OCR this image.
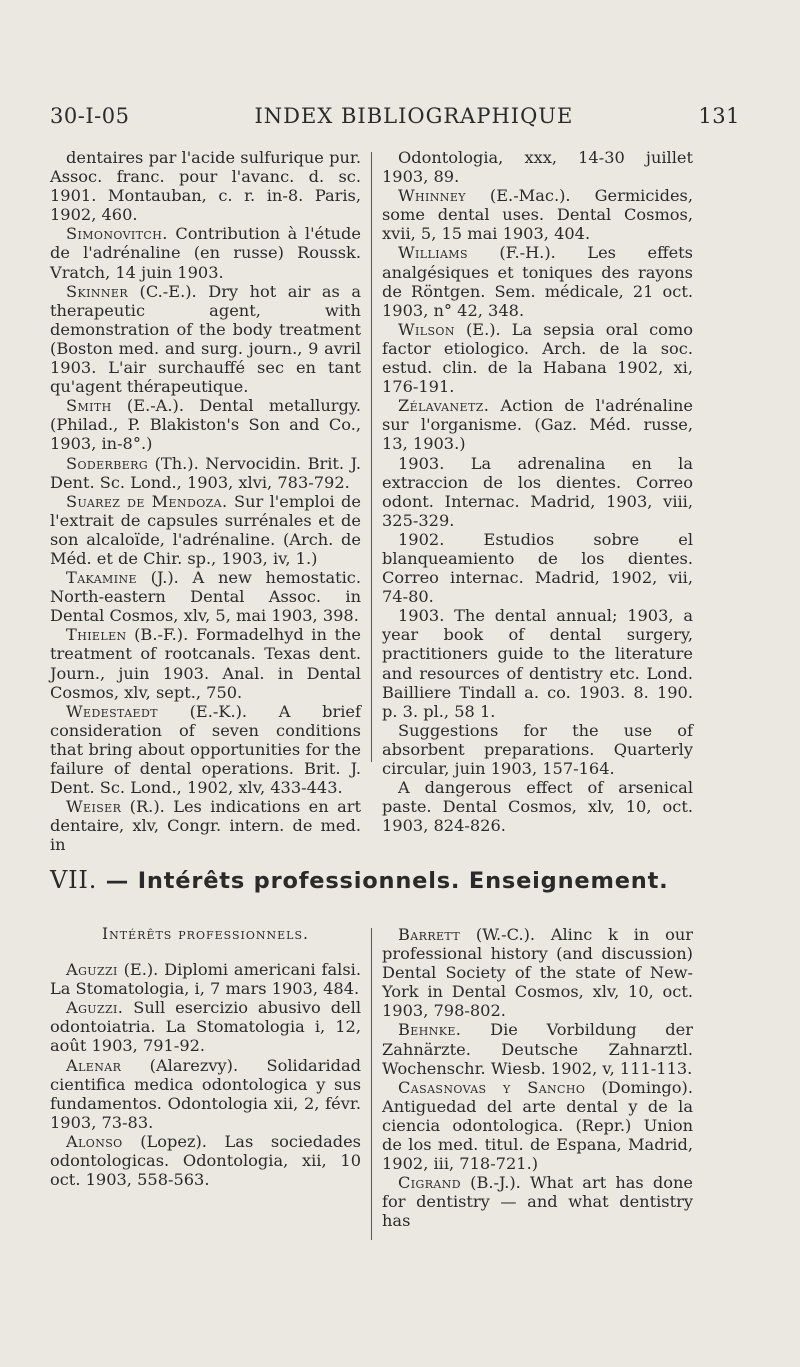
30-I-05	INDEX BIBLIOGRAPHIQUE	131

dentaires par l'acide sulfurique pur. Assoc. franc. pour l'avanc. d. sc. 1901. Montauban, c. r. in-8. Paris, 1902, 460.

Simonovitch. Contribution à l'étude de l'adrénaline (en russe) Roussk. Vratch, 14 juin 1903.

Skinner (C.-E.). Dry hot air as a therapeutic agent, with demonstration of the body treatment (Boston med. and surg. journ., 9 avril 1903. L'air surchauffé sec en tant qu'agent thérapeutique.

Smith (E.-A.). Dental metallurgy. (Philad., P. Blakiston's Son and Co., 1903, in-8°.)

Soderberg (Th.). Nervocidin. Brit. J. Dent. Sc. Lond., 1903, xlvi, 783-792.

Suarez de Mendoza. Sur l'emploi de l'extrait de capsules surrénales et de son alcaloïde, l'adrénaline. (Arch. de Méd. et de Chir. sp., 1903, iv, 1.)

Takamine (J.). A new hemostatic. North-eastern Dental Assoc. in Dental Cosmos, xlv, 5, mai 1903, 398.

Thielen (B.-F.). Formadelhyd in the treatment of rootcanals. Texas dent. Journ., juin 1903. Anal. in Dental Cosmos, xlv, sept., 750.

Wedestaedt (E.-K.). A brief consideration of seven conditions that bring about opportunities for the failure of dental operations. Brit. J. Dent. Sc. Lond., 1902, xlv, 433-443.

Weiser (R.). Les indications en art dentaire, xlv, Congr. intern. de med. in

Odontologia, xxx, 14-30 juillet 1903, 89.

Whinney (E.-Mac.). Germicides, some dental uses. Dental Cosmos, xvii, 5, 15 mai 1903, 404.

Williams (F.-H.). Les effets analgésiques et toniques des rayons de Röntgen. Sem. médicale, 21 oct. 1903, n° 42, 348.

Wilson (E.). La sepsia oral como factor etiologico. Arch. de la soc. estud. clin. de la Habana 1902, xi, 176-191.

Zélavanetz. Action de l'adrénaline sur l'organisme. (Gaz. Méd. russe, 13, 1903.)

1903. La adrenalina en la extraccion de los dientes. Correo odont. Internac. Madrid, 1903, viii, 325-329.

1902. Estudios sobre el blanqueamiento de los dientes. Correo internac. Madrid, 1902, vii, 74-80.

1903. The dental annual; 1903, a year book of dental surgery, practitioners guide to the literature and resources of dentistry etc. Lond. Bailliere Tindall a. co. 1903. 8. 190. p. 3. pl., 58 1.

Suggestions for the use of absorbent preparations. Quarterly circular, juin 1903, 157-164.

A dangerous effect of arsenical paste. Dental Cosmos, xlv, 10, oct. 1903, 824-826.

VII. — Intérêts professionnels. Enseignement.

Intérêts professionnels.

Aguzzi (E.). Diplomi americani falsi. La Stomatologia, i, 7 mars 1903, 484.

Aguzzi. Sull esercizio abusivo dell odontoiatria. La Stomatologia i, 12, août 1903, 791-92.

Alenar (Alarezvy). Solidaridad cientifica medica odontologica y sus fundamentos. Odontologia xii, 2, févr. 1903, 73-83.

Alonso (Lopez). Las sociedades odontologicas. Odontologia, xii, 10 oct. 1903, 558-563.

Barrett (W.-C.). Alinc k in our professional history (and discussion) Dental Society of the state of New-York in Dental Cosmos, xlv, 10, oct. 1903, 798-802.

Behnke. Die Vorbildung der Zahnärzte. Deutsche Zahnarztl. Wochenschr. Wiesb. 1902, v, 111-113.

Casasnovas y Sancho (Domingo). Antiguedad del arte dental y de la ciencia odontologica. (Repr.) Union de los med. titul. de Espana, Madrid, 1902, iii, 718-721.)

Cigrand (B.-J.). What art has done for dentistry — and what dentistry has
